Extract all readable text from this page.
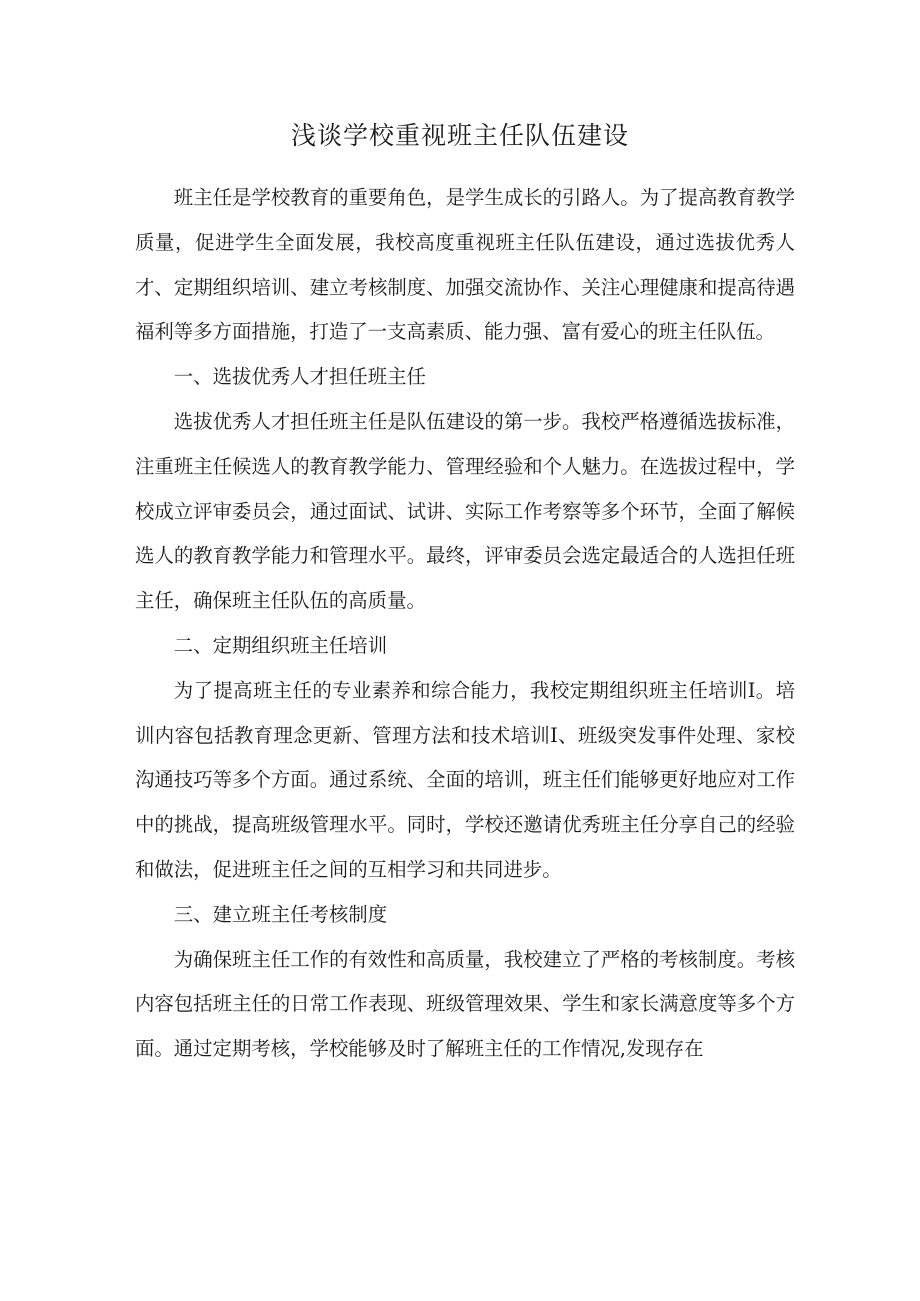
浅谈学校重视班主任队伍建设

班主任是学校教育的重要角色，是学生成长的引路人。为了提高教育教学质量，促进学生全面发展，我校高度重视班主任队伍建设，通过选拔优秀人才、定期组织培训、建立考核制度、加强交流协作、关注心理健康和提高待遇福利等多方面措施，打造了一支高素质、能力强、富有爱心的班主任队伍。

一、选拔优秀人才担任班主任

选拔优秀人才担任班主任是队伍建设的第一步。我校严格遵循选拔标准，注重班主任候选人的教育教学能力、管理经验和个人魅力。在选拔过程中，学校成立评审委员会，通过面试、试讲、实际工作考察等多个环节，全面了解候选人的教育教学能力和管理水平。最终，评审委员会选定最适合的人选担任班主任，确保班主任队伍的高质量。

二、定期组织班主任培训

为了提高班主任的专业素养和综合能力，我校定期组织班主任培训I。培训内容包括教育理念更新、管理方法和技术培训I、班级突发事件处理、家校沟通技巧等多个方面。通过系统、全面的培训，班主任们能够更好地应对工作中的挑战，提高班级管理水平。同时，学校还邀请优秀班主任分享自己的经验和做法，促进班主任之间的互相学习和共同进步。

三、建立班主任考核制度

为确保班主任工作的有效性和高质量，我校建立了严格的考核制度。考核内容包括班主任的日常工作表现、班级管理效果、学生和家长满意度等多个方面。通过定期考核，学校能够及时了解班主任的工作情况,发现存在
